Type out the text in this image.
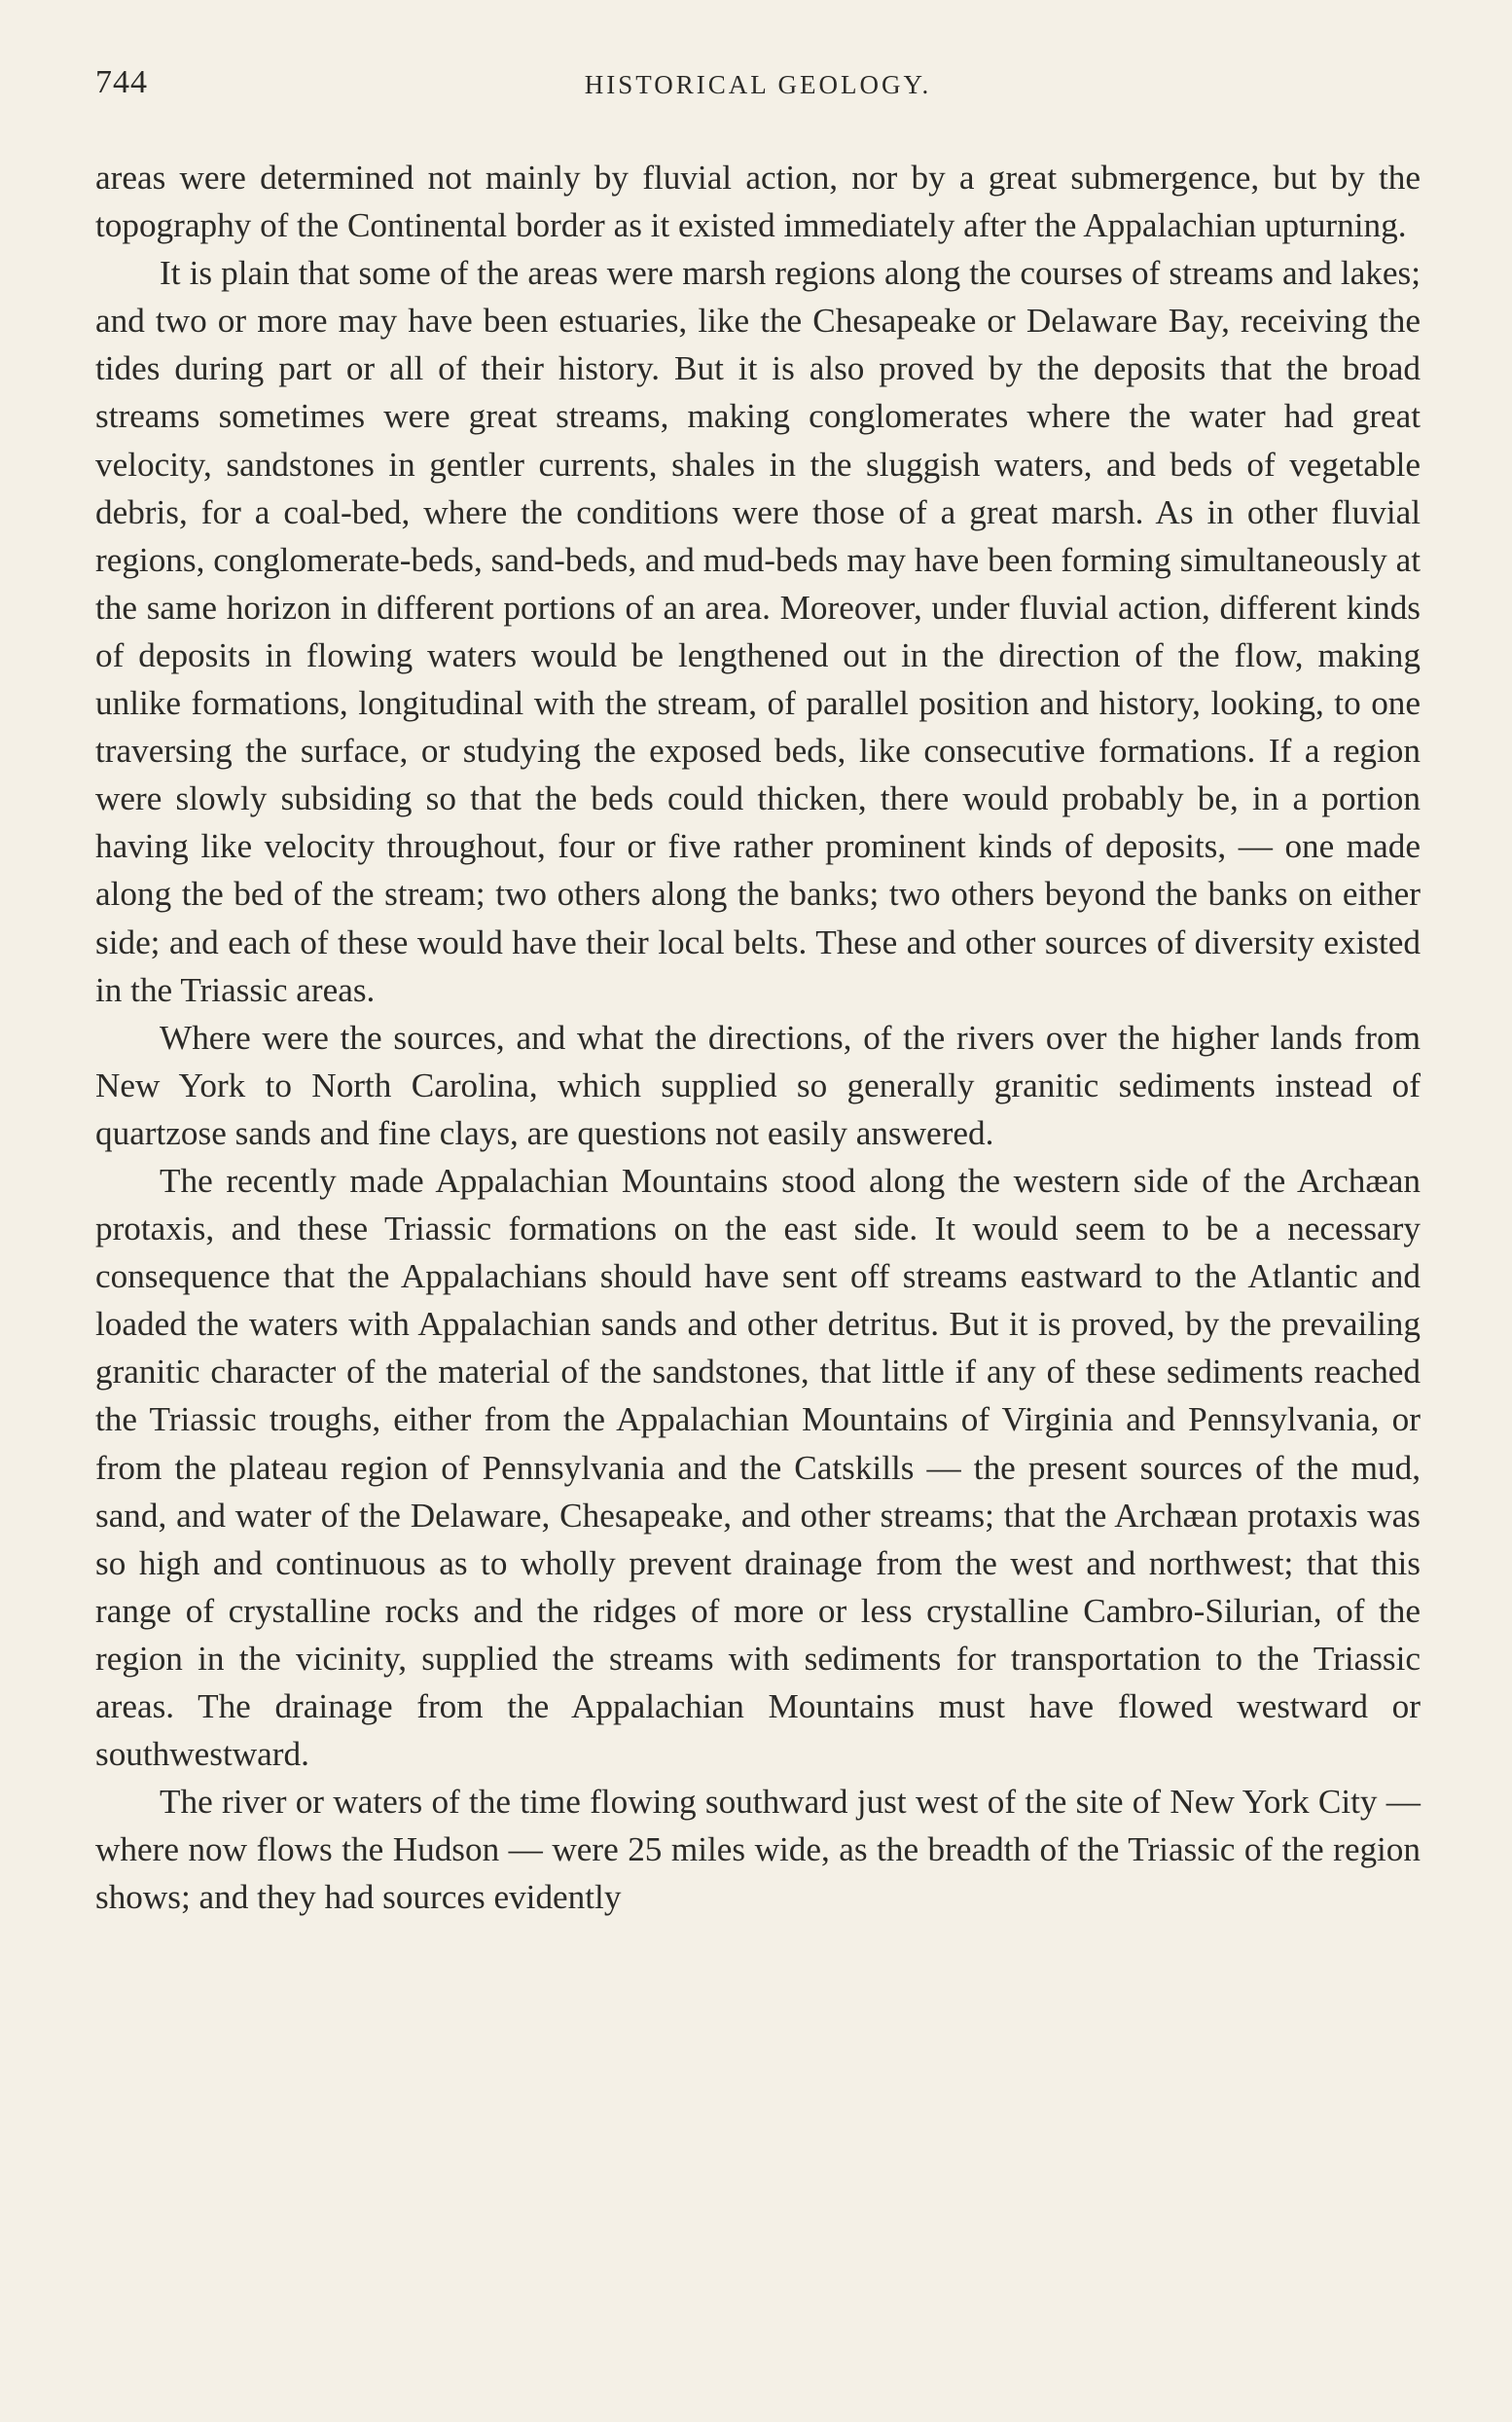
744	HISTORICAL GEOLOGY.

areas were determined not mainly by fluvial action, nor by a great submergence, but by the topography of the Continental border as it existed immediately after the Appalachian upturning.

It is plain that some of the areas were marsh regions along the courses of streams and lakes; and two or more may have been estuaries, like the Chesapeake or Delaware Bay, receiving the tides during part or all of their history. But it is also proved by the deposits that the broad streams sometimes were great streams, making conglomerates where the water had great velocity, sandstones in gentler currents, shales in the sluggish waters, and beds of vegetable debris, for a coal-bed, where the conditions were those of a great marsh. As in other fluvial regions, conglomerate-beds, sand-beds, and mud-beds may have been forming simultaneously at the same horizon in different portions of an area. Moreover, under fluvial action, different kinds of deposits in flowing waters would be lengthened out in the direction of the flow, making unlike formations, longitudinal with the stream, of parallel position and history, looking, to one traversing the surface, or studying the exposed beds, like consecutive formations. If a region were slowly subsiding so that the beds could thicken, there would probably be, in a portion having like velocity throughout, four or five rather prominent kinds of deposits, — one made along the bed of the stream; two others along the banks; two others beyond the banks on either side; and each of these would have their local belts. These and other sources of diversity existed in the Triassic areas.

Where were the sources, and what the directions, of the rivers over the higher lands from New York to North Carolina, which supplied so generally granitic sediments instead of quartzose sands and fine clays, are questions not easily answered.

The recently made Appalachian Mountains stood along the western side of the Archæan protaxis, and these Triassic formations on the east side. It would seem to be a necessary consequence that the Appalachians should have sent off streams eastward to the Atlantic and loaded the waters with Appalachian sands and other detritus. But it is proved, by the prevailing granitic character of the material of the sandstones, that little if any of these sediments reached the Triassic troughs, either from the Appalachian Mountains of Virginia and Pennsylvania, or from the plateau region of Pennsylvania and the Catskills — the present sources of the mud, sand, and water of the Delaware, Chesapeake, and other streams; that the Archæan protaxis was so high and continuous as to wholly prevent drainage from the west and northwest; that this range of crystalline rocks and the ridges of more or less crystalline Cambro-Silurian, of the region in the vicinity, supplied the streams with sediments for transportation to the Triassic areas. The drainage from the Appalachian Mountains must have flowed westward or southwestward.

The river or waters of the time flowing southward just west of the site of New York City — where now flows the Hudson — were 25 miles wide, as the breadth of the Triassic of the region shows; and they had sources evidently
